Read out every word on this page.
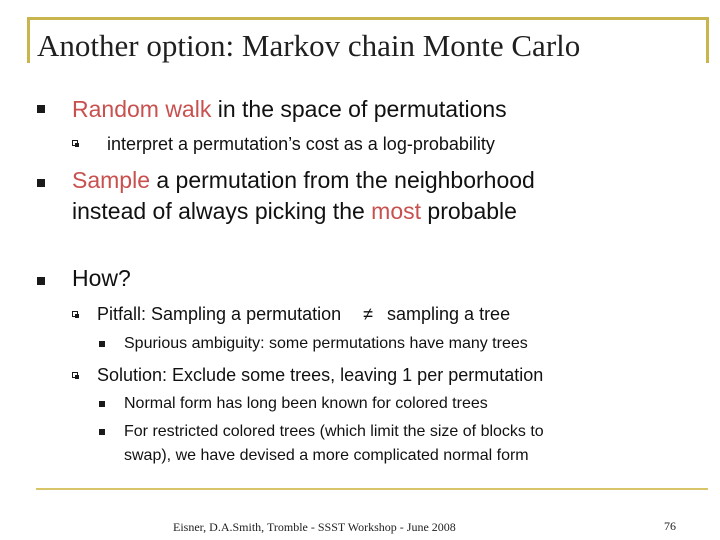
Another option: Markov chain Monte Carlo
Random walk in the space of permutations
interpret a permutation’s cost as a log-probability
Sample a permutation from the neighborhood
instead of always picking the most probable
How?
Pitfall: Sampling a permutation ≠ sampling a tree
Spurious ambiguity: some permutations have many trees
Solution: Exclude some trees, leaving 1 per permutation
Normal form has long been known for colored trees
For restricted colored trees (which limit the size of blocks to
swap), we have devised a more complicated normal form
Eisner, D.A.Smith, Tromble - SSST Workshop - June 2008	76
